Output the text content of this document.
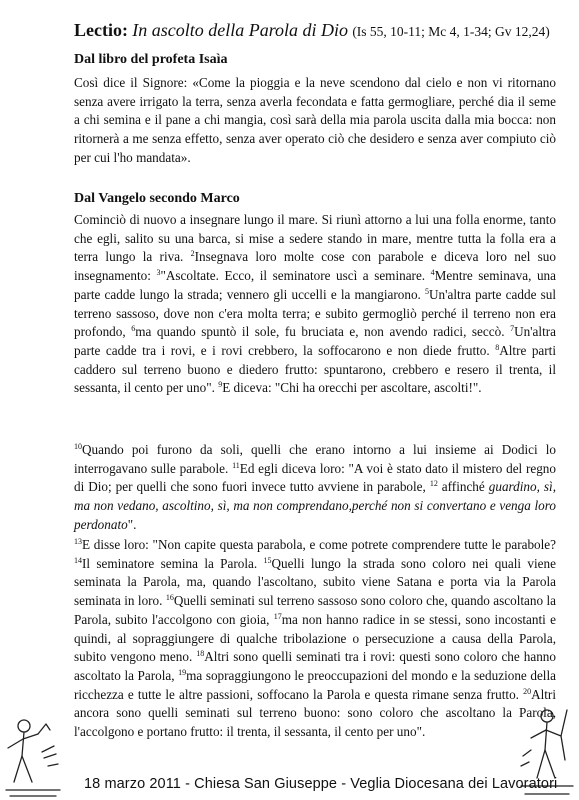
Lectio: In ascolto della Parola di Dio (Is 55, 10-11; Mc 4, 1-34; Gv 12,24)
Dal libro del profeta Isaìa
Così dice il Signore: «Come la pioggia e la neve scendono dal cielo e non vi ritornano senza avere irrigato la terra, senza averla fecondata e fatta germogliare, perché dia il seme a chi semina e il pane a chi mangia, così sarà della mia parola uscita dalla mia bocca: non ritornerà a me senza effetto, senza aver operato ciò che desidero e senza aver compiuto ciò per cui l'ho mandata».
Dal Vangelo secondo Marco
Cominciò di nuovo a insegnare lungo il mare. Si riunì attorno a lui una folla enorme, tanto che egli, salito su una barca, si mise a sedere stando in mare, mentre tutta la folla era a terra lungo la riva. $^2$Insegnava loro molte cose con parabole e diceva loro nel suo insegnamento: $^3$"Ascoltate. Ecco, il seminatore uscì a seminare. $^4$Mentre seminava, una parte cadde lungo la strada; vennero gli uccelli e la mangiarono. $^5$Un'altra parte cadde sul terreno sassoso, dove non c'era molta terra; e subito germogliò perché il terreno non era profondo, $^6$ma quando spuntò il sole, fu bruciata e, non avendo radici, seccò. $^7$Un'altra parte cadde tra i rovi, e i rovi crebbero, la soffocarono e non diede frutto. $^8$Altre parti caddero sul terreno buono e diedero frutto: spuntarono, crebbero e resero il trenta, il sessanta, il cento per uno". $^9$E diceva: "Chi ha orecchi per ascoltare, ascolti!".
$^{10}$Quando poi furono da soli, quelli che erano intorno a lui insieme ai Dodici lo interrogavano sulle parabole. $^{11}$Ed egli diceva loro: "A voi è stato dato il mistero del regno di Dio; per quelli che sono fuori invece tutto avviene in parabole, $^{12}$ affinché guardino, sì, ma non vedano, ascoltino, sì, ma non comprendano,perché non si convertano e venga loro perdonato".
$^{13}$E disse loro: "Non capite questa parabola, e come potrete comprendere tutte le parabole? $^{14}$Il seminatore semina la Parola. $^{15}$Quelli lungo la strada sono coloro nei quali viene seminata la Parola, ma, quando l'ascoltano, subito viene Satana e porta via la Parola seminata in loro. $^{16}$Quelli seminati sul terreno sassoso sono coloro che, quando ascoltano la Parola, subito l'accolgono con gioia, $^{17}$ma non hanno radice in se stessi, sono incostanti e quindi, al sopraggiungere di qualche tribolazione o persecuzione a causa della Parola, subito vengono meno. $^{18}$Altri sono quelli seminati tra i rovi: questi sono coloro che hanno ascoltato la Parola, $^{19}$ma sopraggiungono le preoccupazioni del mondo e la seduzione della ricchezza e tutte le altre passioni, soffocano la Parola e questa rimane senza frutto. $^{20}$Altri ancora sono quelli seminati sul terreno buono: sono coloro che ascoltano la Parola, l'accolgono e portano frutto: il trenta, il sessanta, il cento per uno".
18 marzo 2011 - Chiesa San Giuseppe - Veglia Diocesana dei Lavoratori
